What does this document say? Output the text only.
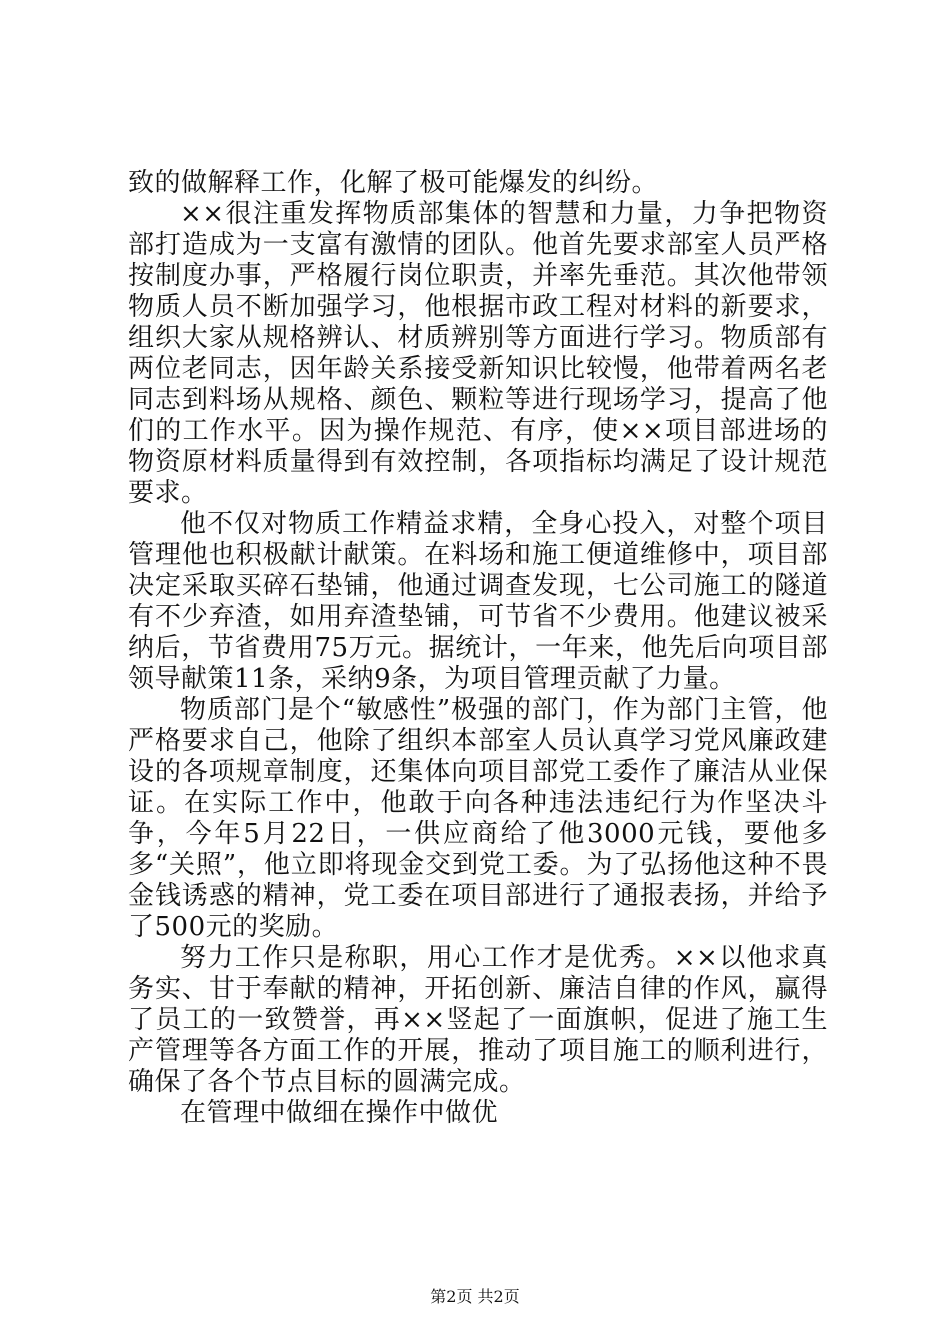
致的做解释工作，化解了极可能爆发的纠纷。

××很注重发挥物质部集体的智慧和力量，力争把物资部打造成为一支富有激情的团队。他首先要求部室人员严格按制度办事，严格履行岗位职责，并率先垂范。其次他带领物质人员不断加强学习，他根据市政工程对材料的新要求，组织大家从规格辨认、材质辨别等方面进行学习。物质部有两位老同志，因年龄关系接受新知识比较慢，他带着两名老同志到料场从规格、颜色、颗粒等进行现场学习，提高了他们的工作水平。因为操作规范、有序，使××项目部进场的物资原材料质量得到有效控制，各项指标均满足了设计规范要求。

他不仅对物质工作精益求精，全身心投入，对整个项目管理他也积极献计献策。在料场和施工便道维修中，项目部决定采取买碎石垫铺，他通过调查发现，七公司施工的隧道有不少弃渣，如用弃渣垫铺，可节省不少费用。他建议被采纳后，节省费用75万元。据统计，一年来，他先后向项目部领导献策11条，采纳9条，为项目管理贡献了力量。

物质部门是个“敏感性”极强的部门，作为部门主管，他严格要求自己，他除了组织本部室人员认真学习党风廉政建设的各项规章制度，还集体向项目部党工委作了廉洁从业保证。在实际工作中，他敢于向各种违法违纪行为作坚决斗争，今年5月22日，一供应商给了他3000元钱，要他多多“关照”，他立即将现金交到党工委。为了弘扬他这种不畏金钱诱惑的精神，党工委在项目部进行了通报表扬，并给予了500元的奖励。

努力工作只是称职，用心工作才是优秀。××以他求真务实、甘于奉献的精神，开拓创新、廉洁自律的作风，赢得了员工的一致赞誉，再××竖起了一面旗帜，促进了施工生产管理等各方面工作的开展，推动了项目施工的顺利进行，确保了各个节点目标的圆满完成。

在管理中做细在操作中做优

第2页 共2页
